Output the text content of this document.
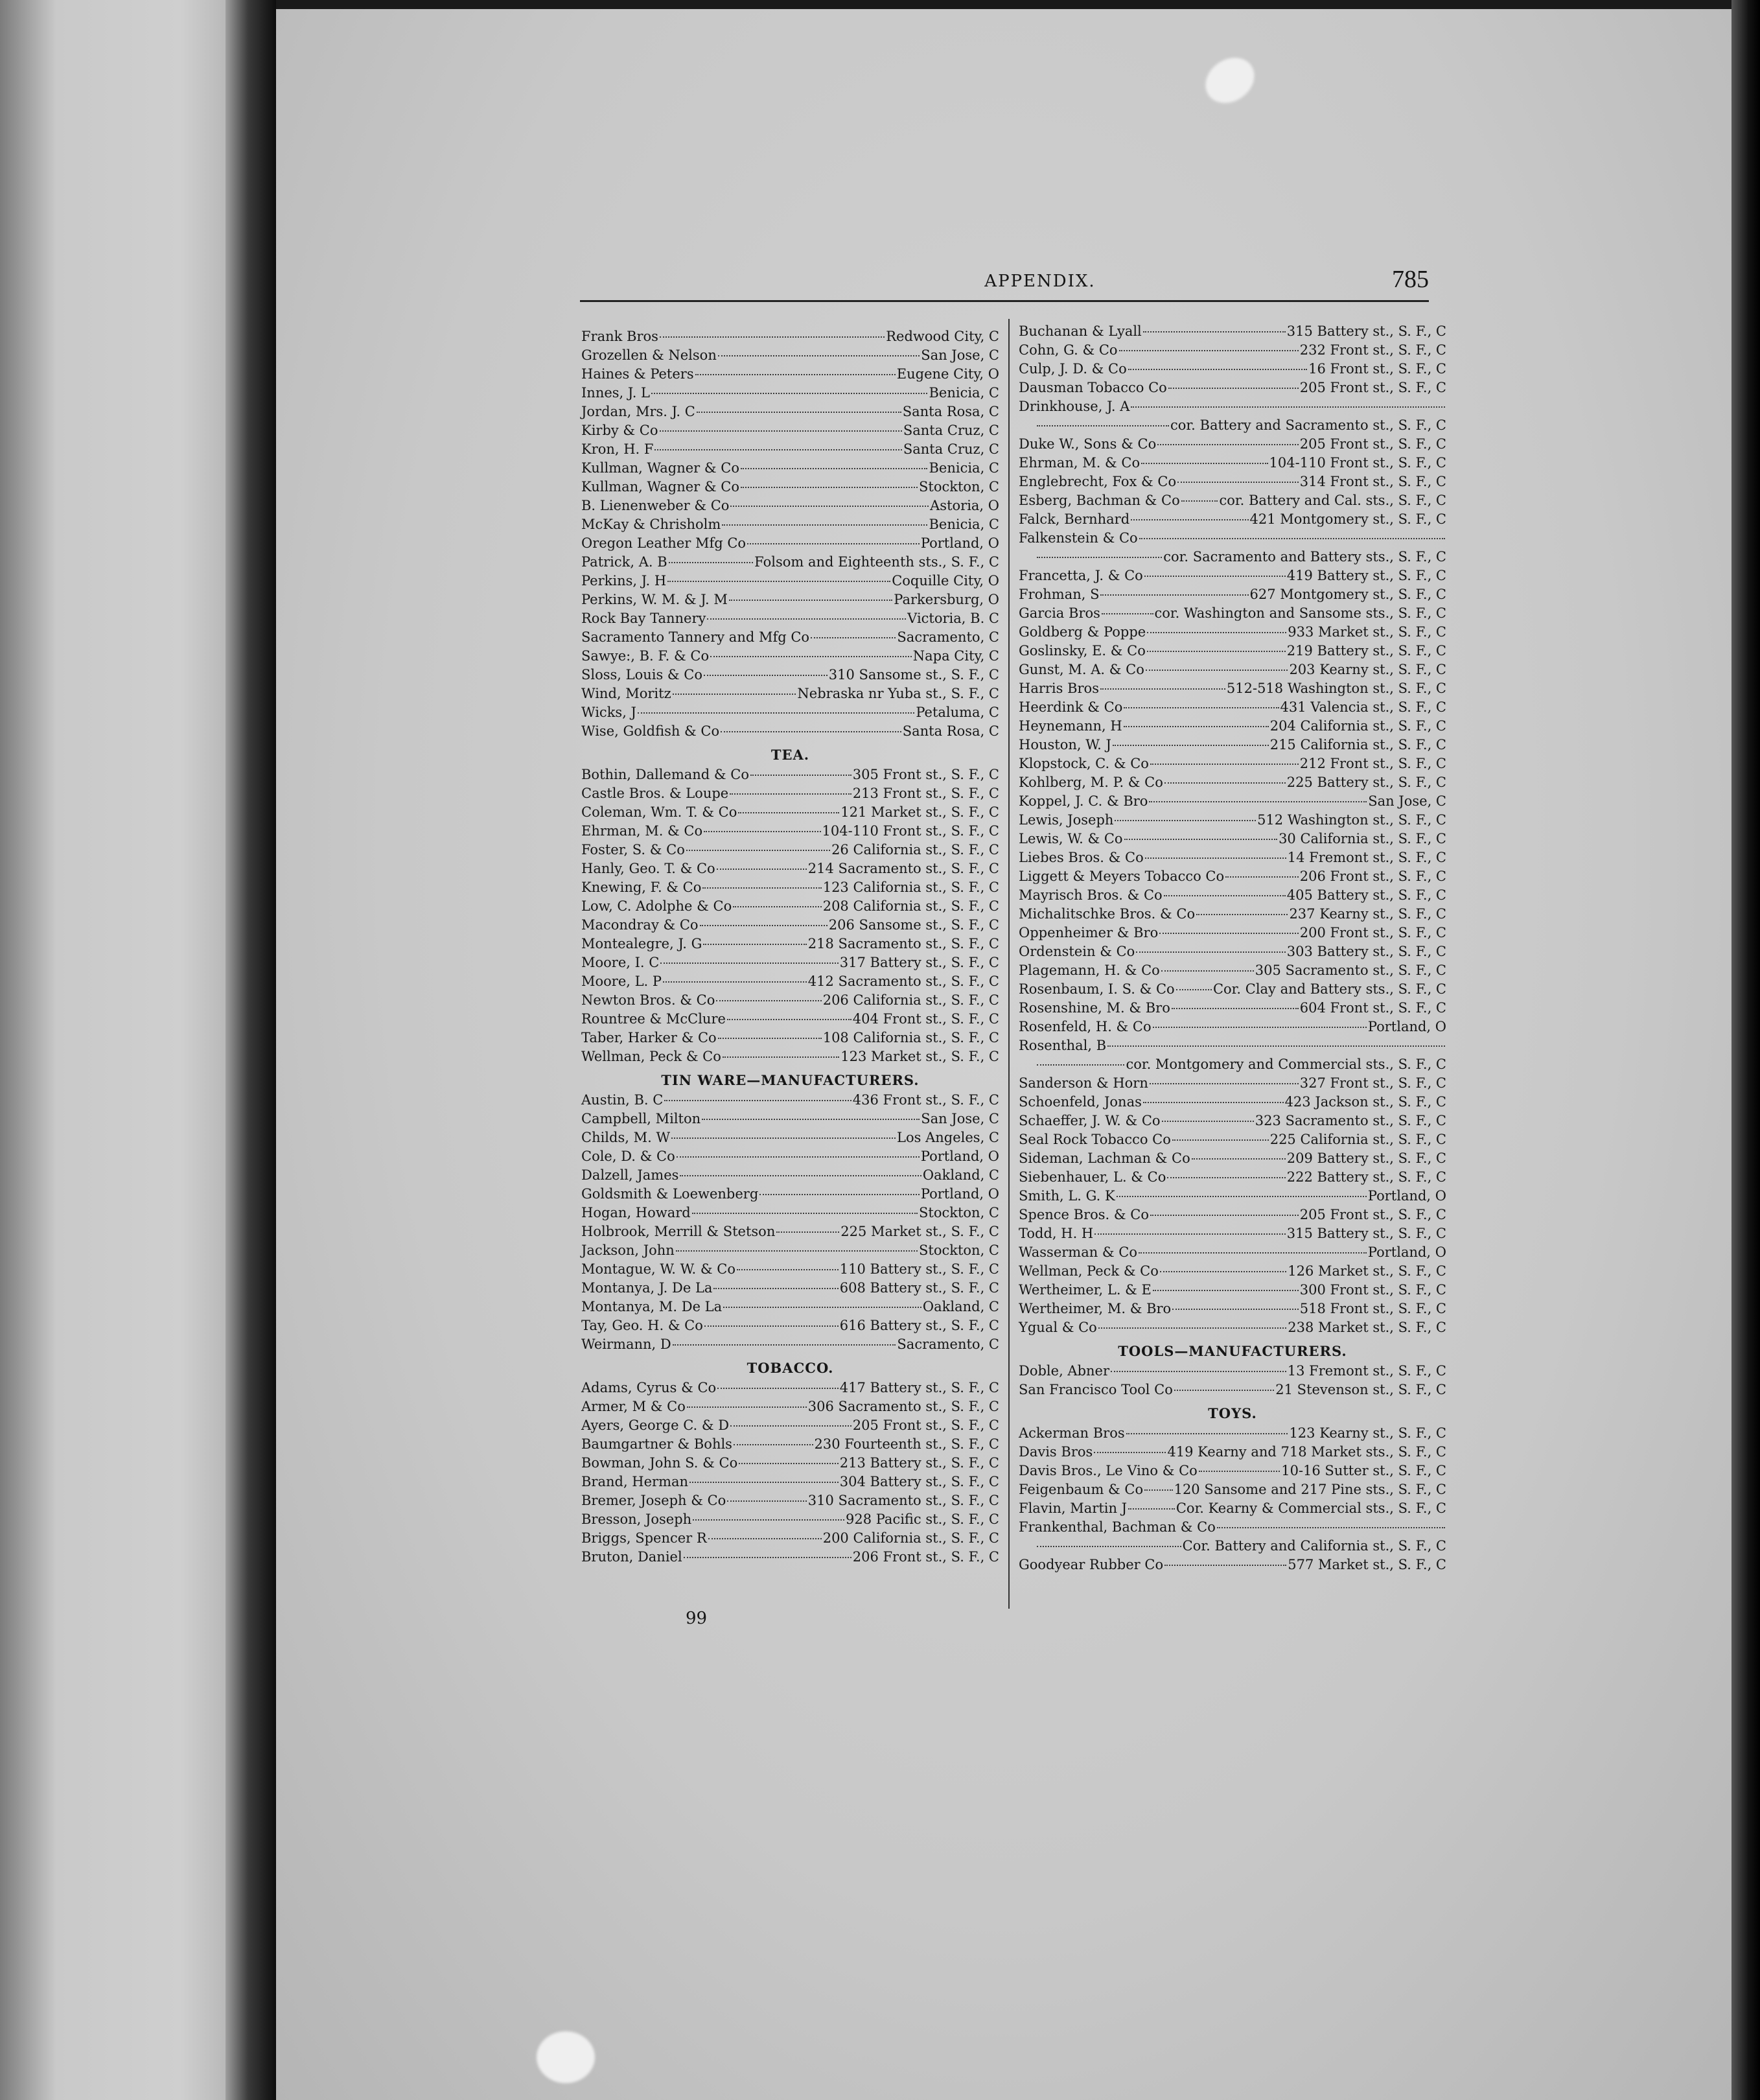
APPENDIX.	785
Frank Bros	Redwood City, C
Grozellen & Nelson	San Jose, C
Haines & Peters	Eugene City, O
Innes, J. L	Benicia, C
Jordan, Mrs. J. C	Santa Rosa, C
Kirby & Co	Santa Cruz, C
Kron, H. F	Santa Cruz, C
Kullman, Wagner & Co	Benicia, C
Kullman, Wagner & Co	Stockton, C
B. Lienenweber & Co	Astoria, O
McKay & Chrisholm	Benicia, C
Oregon Leather Mfg Co	Portland, O
Patrick, A. B	Folsom and Eighteenth sts., S. F., C
Perkins, J. H	Coquille City, O
Perkins, W. M. & J. M	Parkersburg, O
Rock Bay Tannery	Victoria, B. C
Sacramento Tannery and Mfg Co	Sacramento, C
Sawye:, B. F. & Co	Napa City, C
Sloss, Louis & Co	310 Sansome st., S. F., C
Wind, Moritz	Nebraska nr Yuba st., S. F., C
Wicks, J	Petaluma, C
Wise, Goldfish & Co	Santa Rosa, C
TEA.
Bothin, Dallemand & Co	305 Front st., S. F., C
Castle Bros. & Loupe	213 Front st., S. F., C
Coleman, Wm. T. & Co	121 Market st., S. F., C
Ehrman, M. & Co	104-110 Front st., S. F., C
Foster, S. & Co	26 California st., S. F., C
Hanly, Geo. T. & Co	214 Sacramento st., S. F., C
Knewing, F. & Co	123 California st., S. F., C
Low, C. Adolphe & Co	208 California st., S. F., C
Macondray & Co	206 Sansome st., S. F., C
Montealegre, J. G	218 Sacramento st., S. F., C
Moore, I. C	317 Battery st., S. F., C
Moore, L. P	412 Sacramento st., S. F., C
Newton Bros. & Co	206 California st., S. F., C
Rountree & McClure	404 Front st., S. F., C
Taber, Harker & Co	108 California st., S. F., C
Wellman, Peck & Co	123 Market st., S. F., C
TIN WARE—MANUFACTURERS.
Austin, B. C	436 Front st., S. F., C
Campbell, Milton	San Jose, C
Childs, M. W	Los Angeles, C
Cole, D. & Co	Portland, O
Dalzell, James	Oakland, C
Goldsmith & Loewenberg	Portland, O
Hogan, Howard	Stockton, C
Holbrook, Merrill & Stetson	225 Market st., S. F., C
Jackson, John	Stockton, C
Montague, W. W. & Co	110 Battery st., S. F., C
Montanya, J. De La	608 Battery st., S. F., C
Montanya, M. De La	Oakland, C
Tay, Geo. H. & Co	616 Battery st., S. F., C
Weirmann, D	Sacramento, C
TOBACCO.
Adams, Cyrus & Co	417 Battery st., S. F., C
Armer, M & Co	306 Sacramento st., S. F., C
Ayers, George C. & D	205 Front st., S. F., C
Baumgartner & Bohls	230 Fourteenth st., S. F., C
Bowman, John S. & Co	213 Battery st., S. F., C
Brand, Herman	304 Battery st., S. F., C
Bremer, Joseph & Co	310 Sacramento st., S. F., C
Bresson, Joseph	928 Pacific st., S. F., C
Briggs, Spencer R	200 California st., S. F., C
Bruton, Daniel	206 Front st., S. F., C
Buchanan & Lyall	315 Battery st., S. F., C
Cohn, G. & Co	232 Front st., S. F., C
Culp, J. D. & Co	16 Front st., S. F., C
Dausman Tobacco Co	205 Front st., S. F., C
Drinkhouse, J. A
cor. Battery and Sacramento st., S. F., C
Duke W., Sons & Co	205 Front st., S. F., C
Ehrman, M. & Co	104-110 Front st., S. F., C
Englebrecht, Fox & Co	314 Front st., S. F., C
Esberg, Bachman & Co	cor. Battery and Cal. sts., S. F., C
Falck, Bernhard	421 Montgomery st., S. F., C
Falkenstein & Co
cor. Sacramento and Battery sts., S. F., C
Francetta, J. & Co	419 Battery st., S. F., C
Frohman, S	627 Montgomery st., S. F., C
Garcia Bros	cor. Washington and Sansome sts., S. F., C
Goldberg & Poppe	933 Market st., S. F., C
Goslinsky, E. & Co	219 Battery st., S. F., C
Gunst, M. A. & Co	203 Kearny st., S. F., C
Harris Bros	512-518 Washington st., S. F., C
Heerdink & Co	431 Valencia st., S. F., C
Heynemann, H	204 California st., S. F., C
Houston, W. J	215 California st., S. F., C
Klopstock, C. & Co	212 Front st., S. F., C
Kohlberg, M. P. & Co	225 Battery st., S. F., C
Koppel, J. C. & Bro	San Jose, C
Lewis, Joseph	512 Washington st., S. F., C
Lewis, W. & Co	30 California st., S. F., C
Liebes Bros. & Co	14 Fremont st., S. F., C
Liggett & Meyers Tobacco Co	206 Front st., S. F., C
Mayrisch Bros. & Co	405 Battery st., S. F., C
Michalitschke Bros. & Co	237 Kearny st., S. F., C
Oppenheimer & Bro	200 Front st., S. F., C
Ordenstein & Co	303 Battery st., S. F., C
Plagemann, H. & Co	305 Sacramento st., S. F., C
Rosenbaum, I. S. & Co	Cor. Clay and Battery sts., S. F., C
Rosenshine, M. & Bro	604 Front st., S. F., C
Rosenfeld, H. & Co	Portland, O
Rosenthal, B
cor. Montgomery and Commercial sts., S. F., C
Sanderson & Horn	327 Front st., S. F., C
Schoenfeld, Jonas	423 Jackson st., S. F., C
Schaeffer, J. W. & Co	323 Sacramento st., S. F., C
Seal Rock Tobacco Co	225 California st., S. F., C
Sideman, Lachman & Co	209 Battery st., S. F., C
Siebenhauer, L. & Co	222 Battery st., S. F., C
Smith, L. G. K	Portland, O
Spence Bros. & Co	205 Front st., S. F., C
Todd, H. H	315 Battery st., S. F., C
Wasserman & Co	Portland, O
Wellman, Peck & Co	126 Market st., S. F., C
Wertheimer, L. & E	300 Front st., S. F., C
Wertheimer, M. & Bro	518 Front st., S. F., C
Ygual & Co	238 Market st., S. F., C
TOOLS—MANUFACTURERS.
Doble, Abner	13 Fremont st., S. F., C
San Francisco Tool Co	21 Stevenson st., S. F., C
TOYS.
Ackerman Bros	123 Kearny st., S. F., C
Davis Bros	419 Kearny and 718 Market sts., S. F., C
Davis Bros., Le Vino & Co	10-16 Sutter st., S. F., C
Feigenbaum & Co 120 Sansome and 217 Pine sts., S. F., C
Flavin, Martin J	Cor. Kearny & Commercial sts., S. F., C
Frankenthal, Bachman & Co
Cor. Battery and California st., S. F., C
Goodyear Rubber Co	577 Market st., S. F., C
99
